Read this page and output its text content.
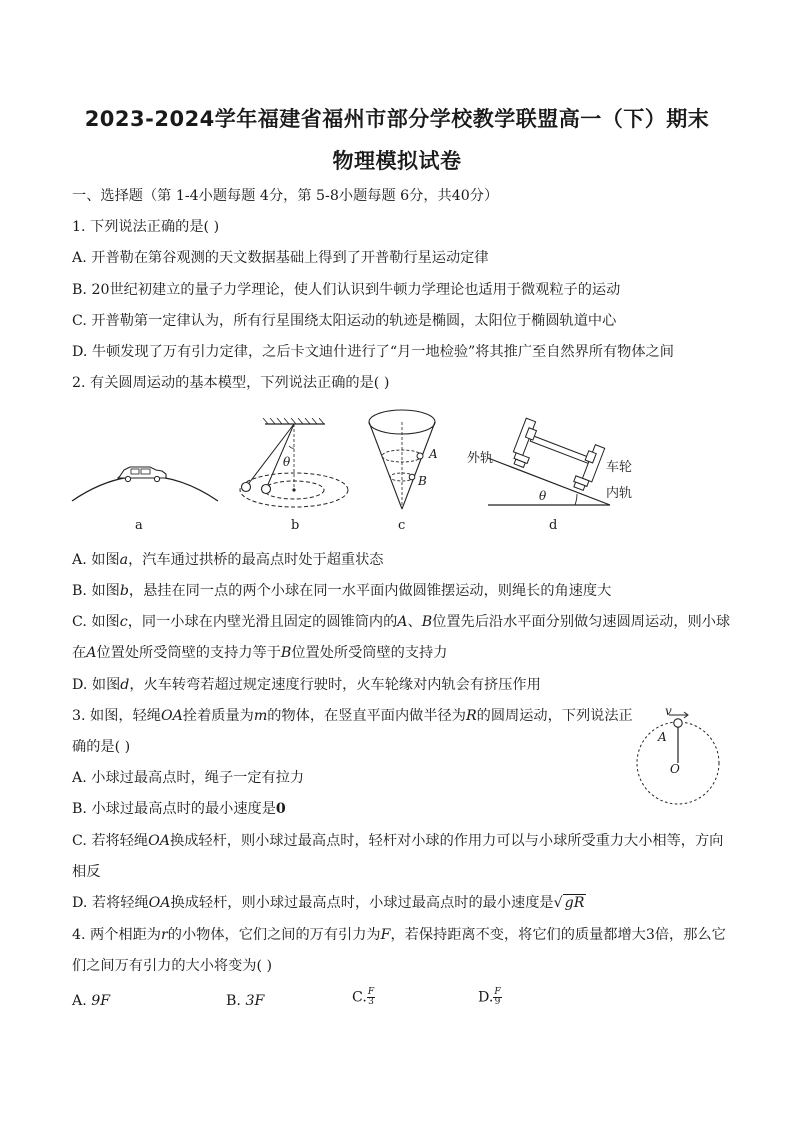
2023-2024学年福建省福州市部分学校教学联盟高一（下）期末
物理模拟试卷
一、选择题（第 1-4小题每题 4分，第 5-8小题每题 6分，共40分）
1. 下列说法正确的是( )
A. 开普勒在第谷观测的天文数据基础上得到了开普勒行星运动定律
B. 20世纪初建立的量子力学理论，使人们认识到牛顿力学理论也适用于微观粒子的运动
C. 开普勒第一定律认为，所有行星围绕太阳运动的轨迹是椭圆，太阳位于椭圆轨道中心
D. 牛顿发现了万有引力定律，之后卡文迪什进行了“月一地检验”将其推广至自然界所有物体之间
2. 有关圆周运动的基本模型，下列说法正确的是( )
a
θ
b
A
B
c
外轨
车轮
内轨
θ
d
A. 如图a，汽车通过拱桥的最高点时处于超重状态
B. 如图b，悬挂在同一点的两个小球在同一水平面内做圆锥摆运动，则绳长的角速度大
C. 如图c，同一小球在内壁光滑且固定的圆锥筒内的A、B位置先后沿水平面分别做匀速圆周运动，则小球
在A位置处所受筒壁的支持力等于B位置处所受筒壁的支持力
D. 如图d，火车转弯若超过规定速度行驶时，火车轮缘对内轨会有挤压作用
3. 如图，轻绳OA拴着质量为m的物体，在竖直平面内做半径为R的圆周运动，下列说法正
确的是( )
v
A
O
A. 小球过最高点时，绳子一定有拉力
B. 小球过最高点时的最小速度是0
C. 若将轻绳OA换成轻杆，则小球过最高点时，轻杆对小球的作用力可以与小球所受重力大小相等，方向
相反
D. 若将轻绳OA换成轻杆，则小球过最高点时，小球过最高点时的最小速度是√ gR
4. 两个相距为r的小物体，它们之间的万有引力为F，若保持距离不变，将它们的质量都增大3倍，那么它
们之间万有引力的大小将变为( )
A. 9F	B. 3F	C. $\frac{F}{3}$	D. $\frac{F}{9}$
